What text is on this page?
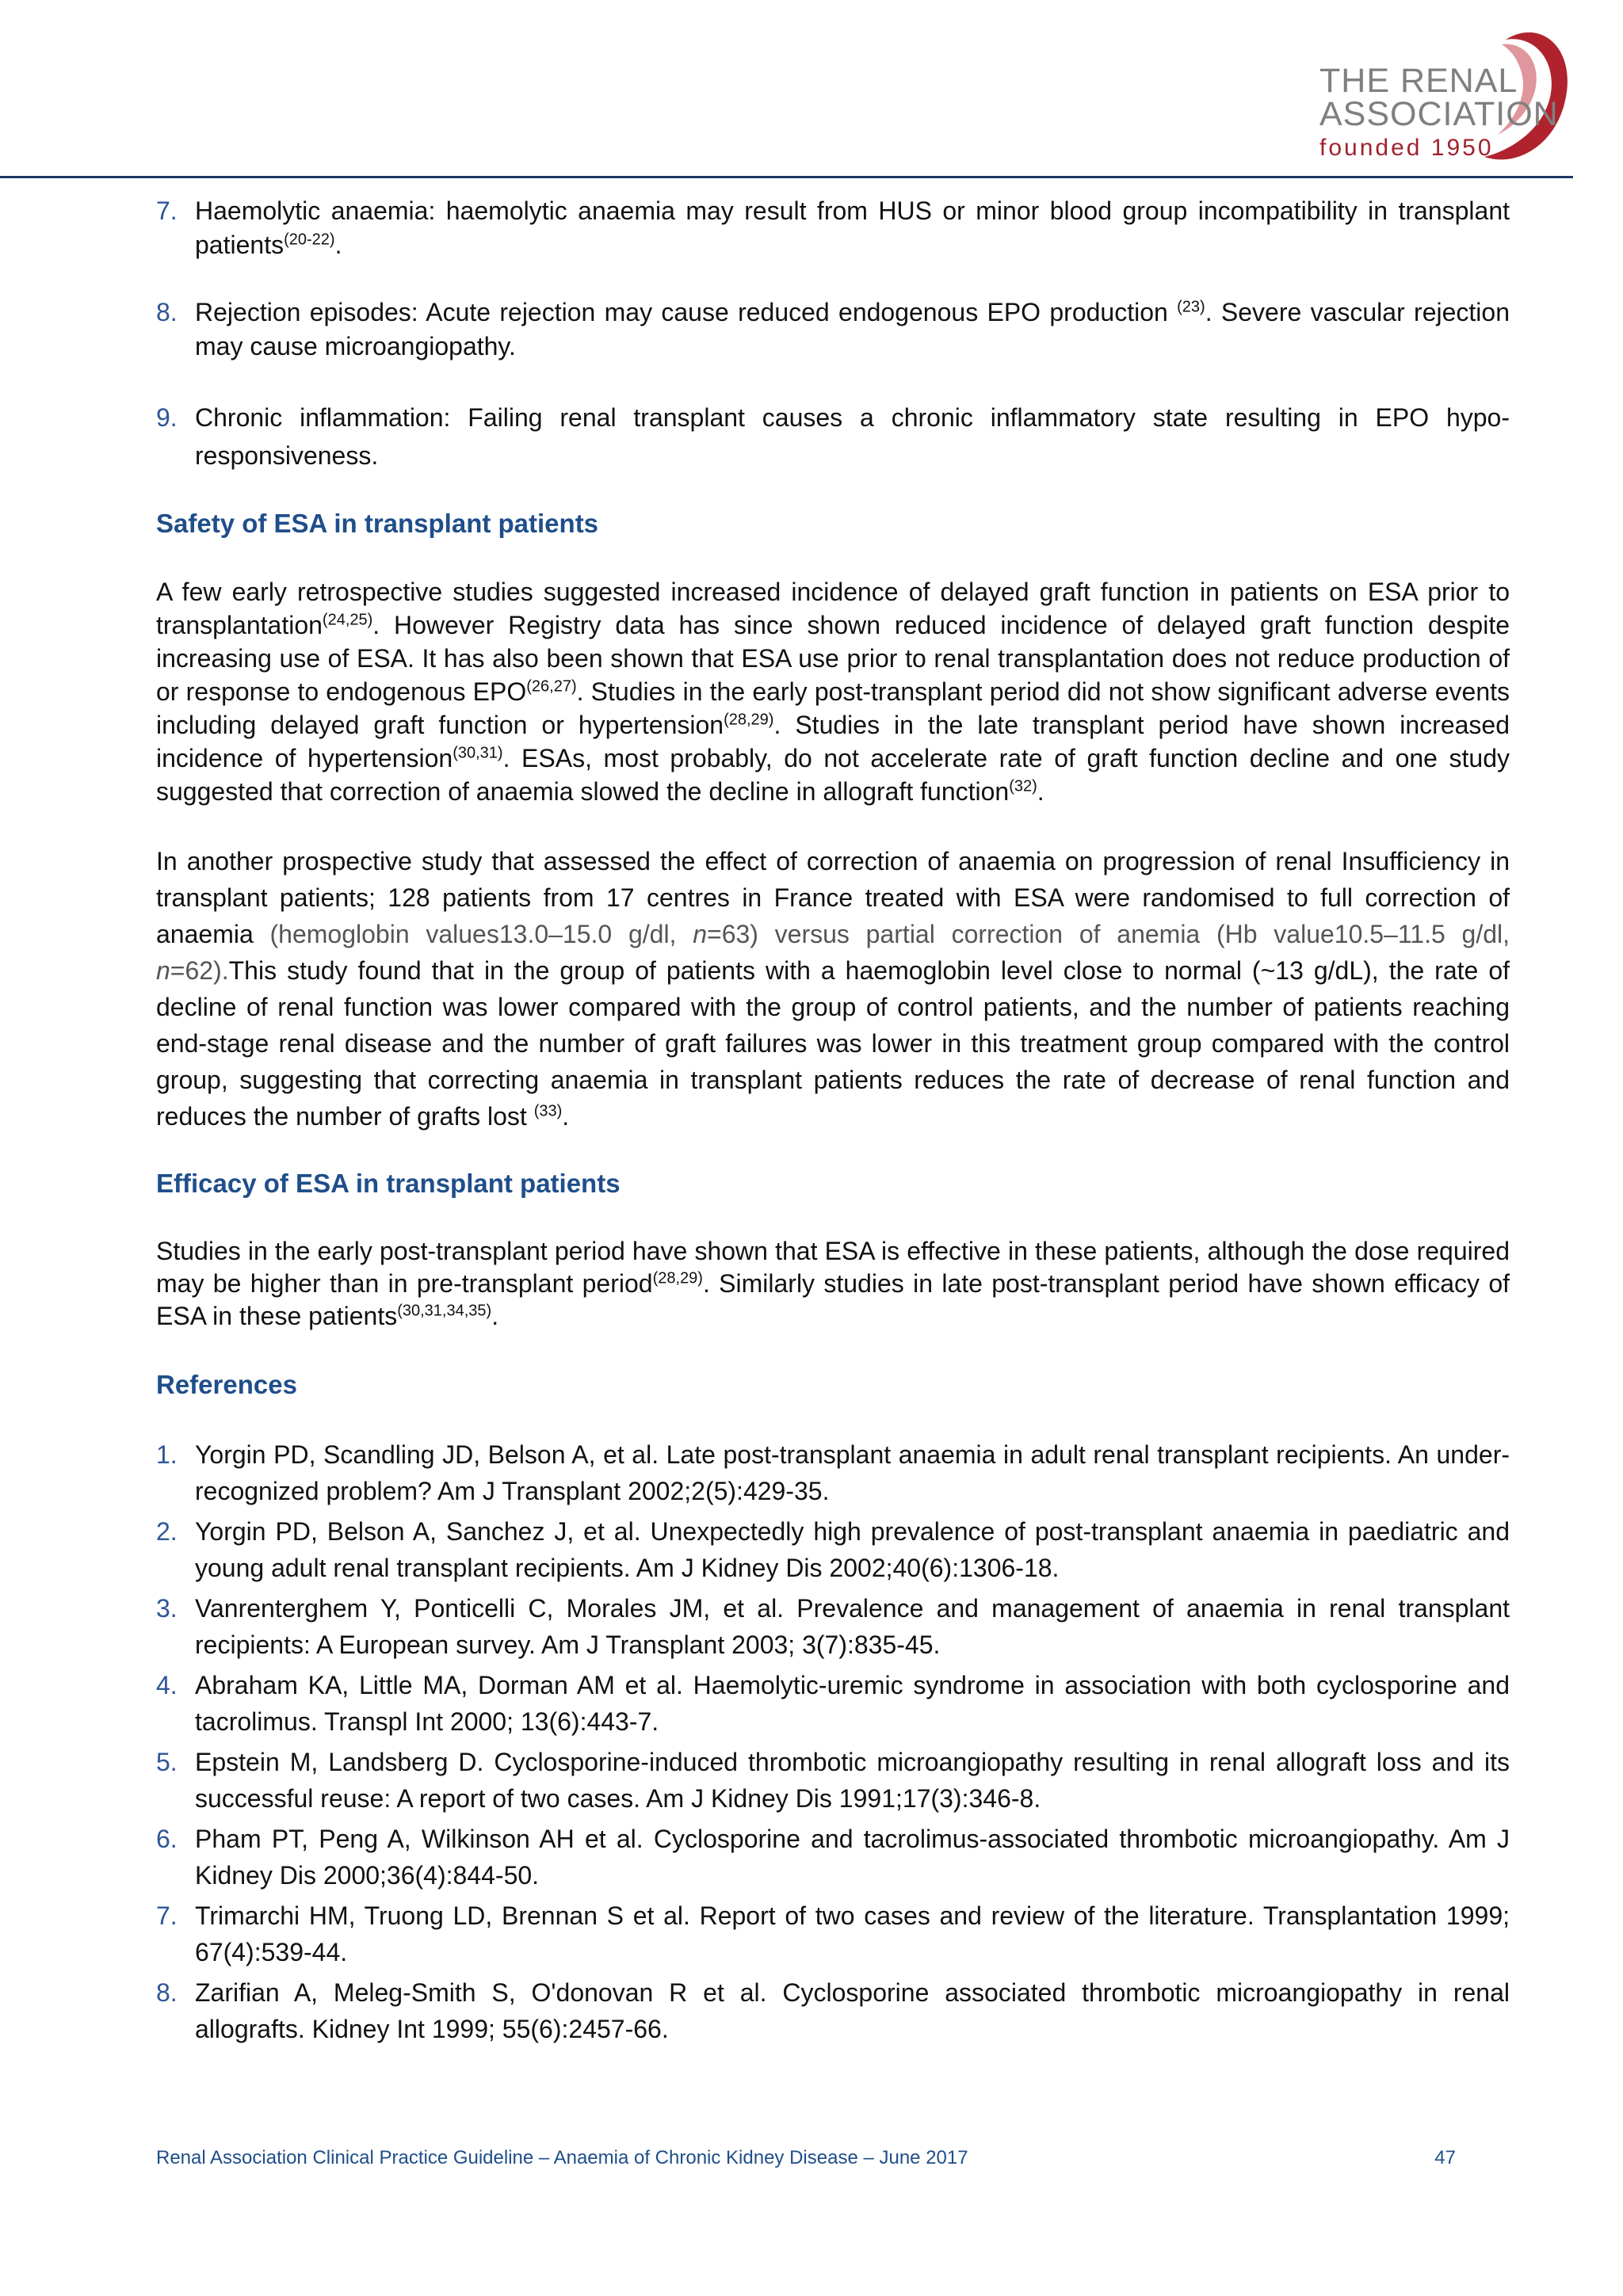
THE RENAL
ASSOCIATION
founded 1950
7. Haemolytic anaemia: haemolytic anaemia may result from HUS or minor blood group incompatibility in transplant patients$^{(20-22)}$.
8. Rejection episodes: Acute rejection may cause reduced endogenous EPO production $^{(23)}$. Severe vascular rejection may cause microangiopathy.
9. Chronic inflammation: Failing renal transplant causes a chronic inflammatory state resulting in EPO hypo-responsiveness.
Safety of ESA in transplant patients
A few early retrospective studies suggested increased incidence of delayed graft function in patients on ESA prior to transplantation$^{(24,25)}$. However Registry data has since shown reduced incidence of delayed graft function despite increasing use of ESA. It has also been shown that ESA use prior to renal transplantation does not reduce production of or response to endogenous EPO$^{(26,27)}$. Studies in the early post-transplant period did not show significant adverse events including delayed graft function or hypertension$^{(28,29)}$. Studies in the late transplant period have shown increased incidence of hypertension$^{(30,31)}$. ESAs, most probably, do not accelerate rate of graft function decline and one study suggested that correction of anaemia slowed the decline in allograft function$^{(32)}$.
In another prospective study that assessed the effect of correction of anaemia on progression of renal Insufficiency in transplant patients; 128 patients from 17 centres in France treated with ESA were randomised to full correction of anaemia (hemoglobin values13.0–15.0 g/dl, n=63) versus partial correction of anemia (Hb value10.5–11.5 g/dl, n=62).This study found that in the group of patients with a haemoglobin level close to normal (~13 g/dL), the rate of decline of renal function was lower compared with the group of control patients, and the number of patients reaching end-stage renal disease and the number of graft failures was lower in this treatment group compared with the control group, suggesting that correcting anaemia in transplant patients reduces the rate of decrease of renal function and reduces the number of grafts lost $^{(33)}$.
Efficacy of ESA in transplant patients
Studies in the early post-transplant period have shown that ESA is effective in these patients, although the dose required may be higher than in pre-transplant period$^{(28,29)}$. Similarly studies in late post-transplant period have shown efficacy of ESA in these patients$^{(30,31,34,35)}$.
References
1. Yorgin PD, Scandling JD, Belson A, et al. Late post-transplant anaemia in adult renal transplant recipients. An under-recognized problem? Am J Transplant 2002;2(5):429-35.
2. Yorgin PD, Belson A, Sanchez J, et al. Unexpectedly high prevalence of post-transplant anaemia in paediatric and young adult renal transplant recipients. Am J Kidney Dis 2002;40(6):1306-18.
3. Vanrenterghem Y, Ponticelli C, Morales JM, et al. Prevalence and management of anaemia in renal transplant recipients: A European survey. Am J Transplant 2003; 3(7):835-45.
4. Abraham KA, Little MA, Dorman AM et al. Haemolytic-uremic syndrome in association with both cyclosporine and tacrolimus. Transpl Int 2000; 13(6):443-7.
5. Epstein M, Landsberg D. Cyclosporine-induced thrombotic microangiopathy resulting in renal allograft loss and its successful reuse: A report of two cases. Am J Kidney Dis 1991;17(3):346-8.
6. Pham PT, Peng A, Wilkinson AH et al. Cyclosporine and tacrolimus-associated thrombotic microangiopathy. Am J Kidney Dis 2000;36(4):844-50.
7. Trimarchi HM, Truong LD, Brennan S et al. Report of two cases and review of the literature. Transplantation 1999; 67(4):539-44.
8. Zarifian A, Meleg-Smith S, O'donovan R et al. Cyclosporine associated thrombotic microangiopathy in renal allografts. Kidney Int 1999; 55(6):2457-66.
Renal Association Clinical Practice Guideline – Anaemia of Chronic Kidney Disease – June 2017	47
